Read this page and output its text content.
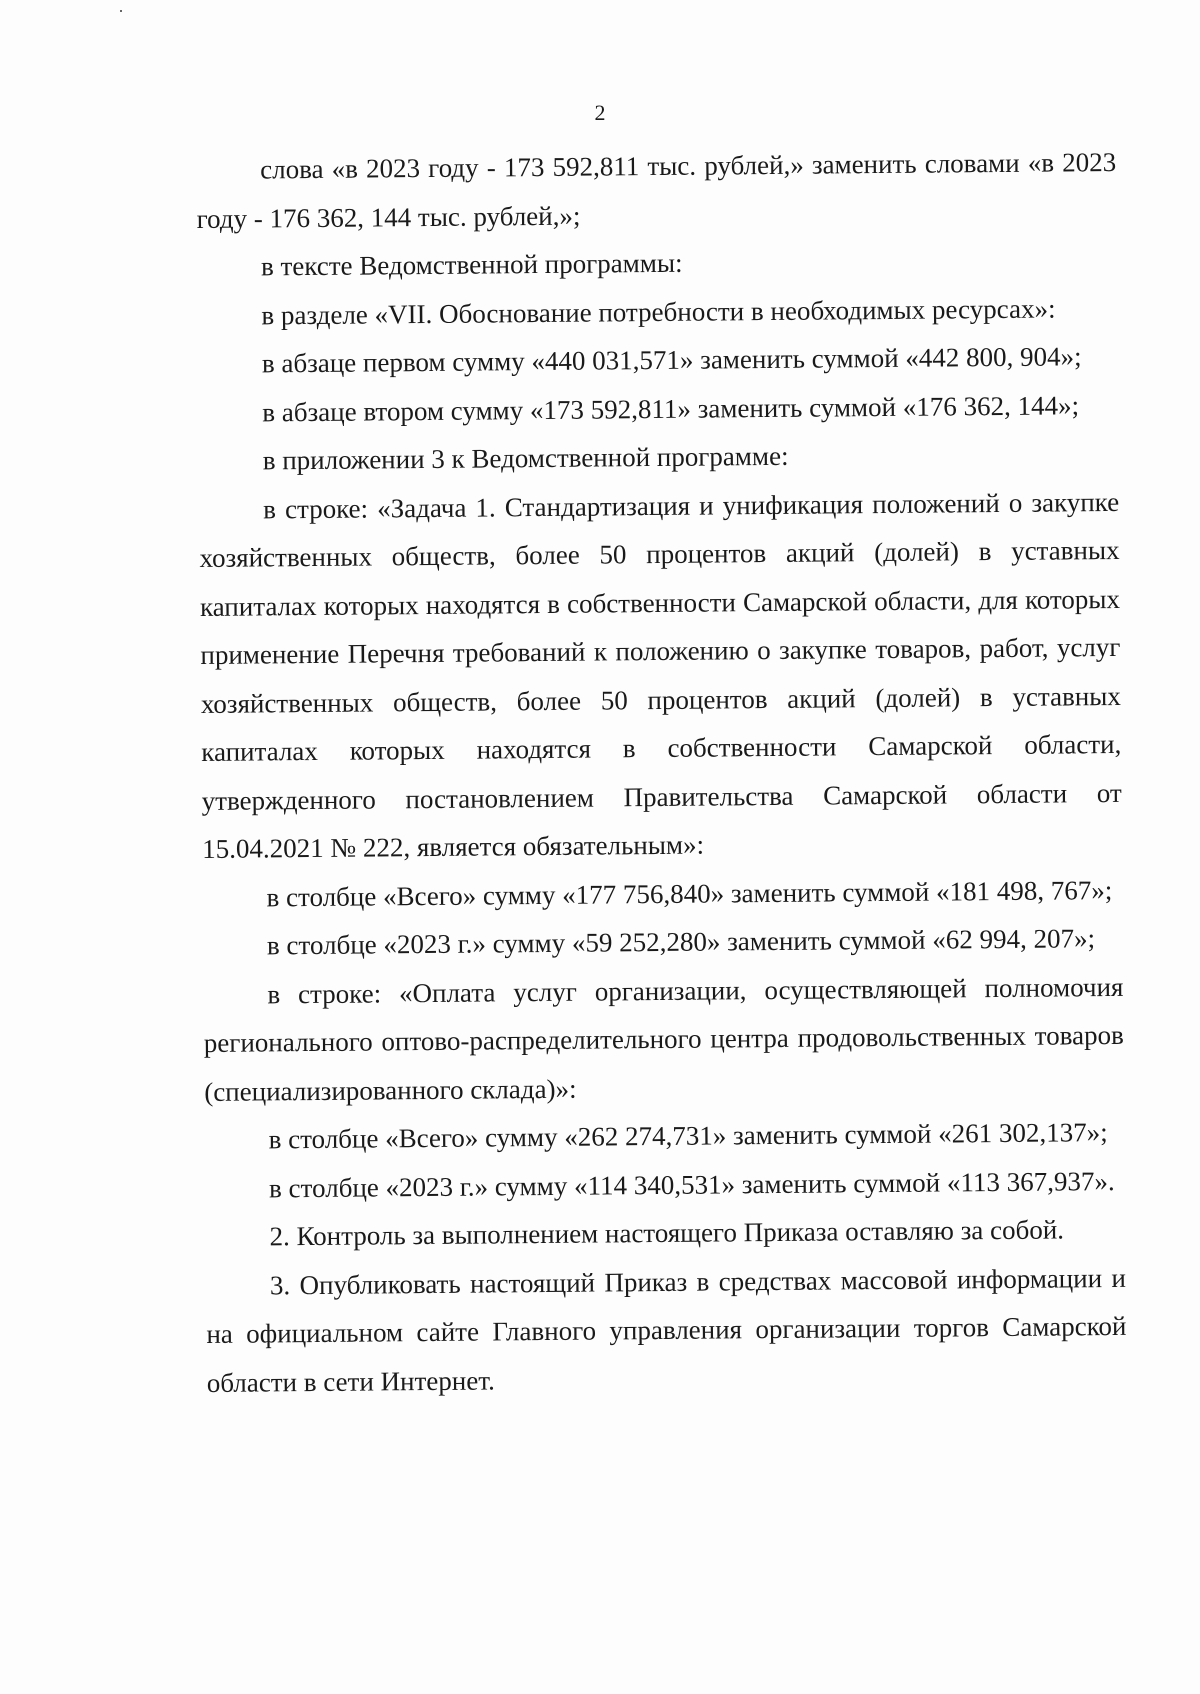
2

слова «в 2023 году - 173 592,811 тыс. рублей,» заменить словами «в 2023 году - 176 362, 144 тыс. рублей,»;

в тексте Ведомственной программы:

в разделе «VII. Обоснование потребности в необходимых ресурсах»:

в абзаце первом сумму «440 031,571» заменить суммой «442 800, 904»;

в абзаце втором сумму «173 592,811» заменить суммой «176 362, 144»;

в приложении 3 к Ведомственной программе:

в строке: «Задача 1. Стандартизация и унификация положений о закупке хозяйственных обществ, более 50 процентов акций (долей) в уставных капиталах которых находятся в собственности Самарской области, для которых применение Перечня требований к положению о закупке товаров, работ, услуг хозяйственных обществ, более 50 процентов акций (долей) в уставных капиталах которых находятся в собственности Самарской области, утвержденного постановлением Правительства Самарской области от 15.04.2021 № 222, является обязательным»:

в столбце «Всего» сумму «177 756,840» заменить суммой «181 498, 767»;

в столбце «2023 г.» сумму «59 252,280» заменить суммой «62 994, 207»;

в строке: «Оплата услуг организации, осуществляющей полномочия регионального оптово-распределительного центра продовольственных товаров (специализированного склада)»:

в столбце «Всего» сумму «262 274,731» заменить суммой «261 302,137»;

в столбце «2023 г.» сумму «114 340,531» заменить суммой «113 367,937».

2. Контроль за выполнением настоящего Приказа оставляю за собой.

3. Опубликовать настоящий Приказ в средствах массовой информации и на официальном сайте Главного управления организации торгов Самарской области в сети Интернет.
